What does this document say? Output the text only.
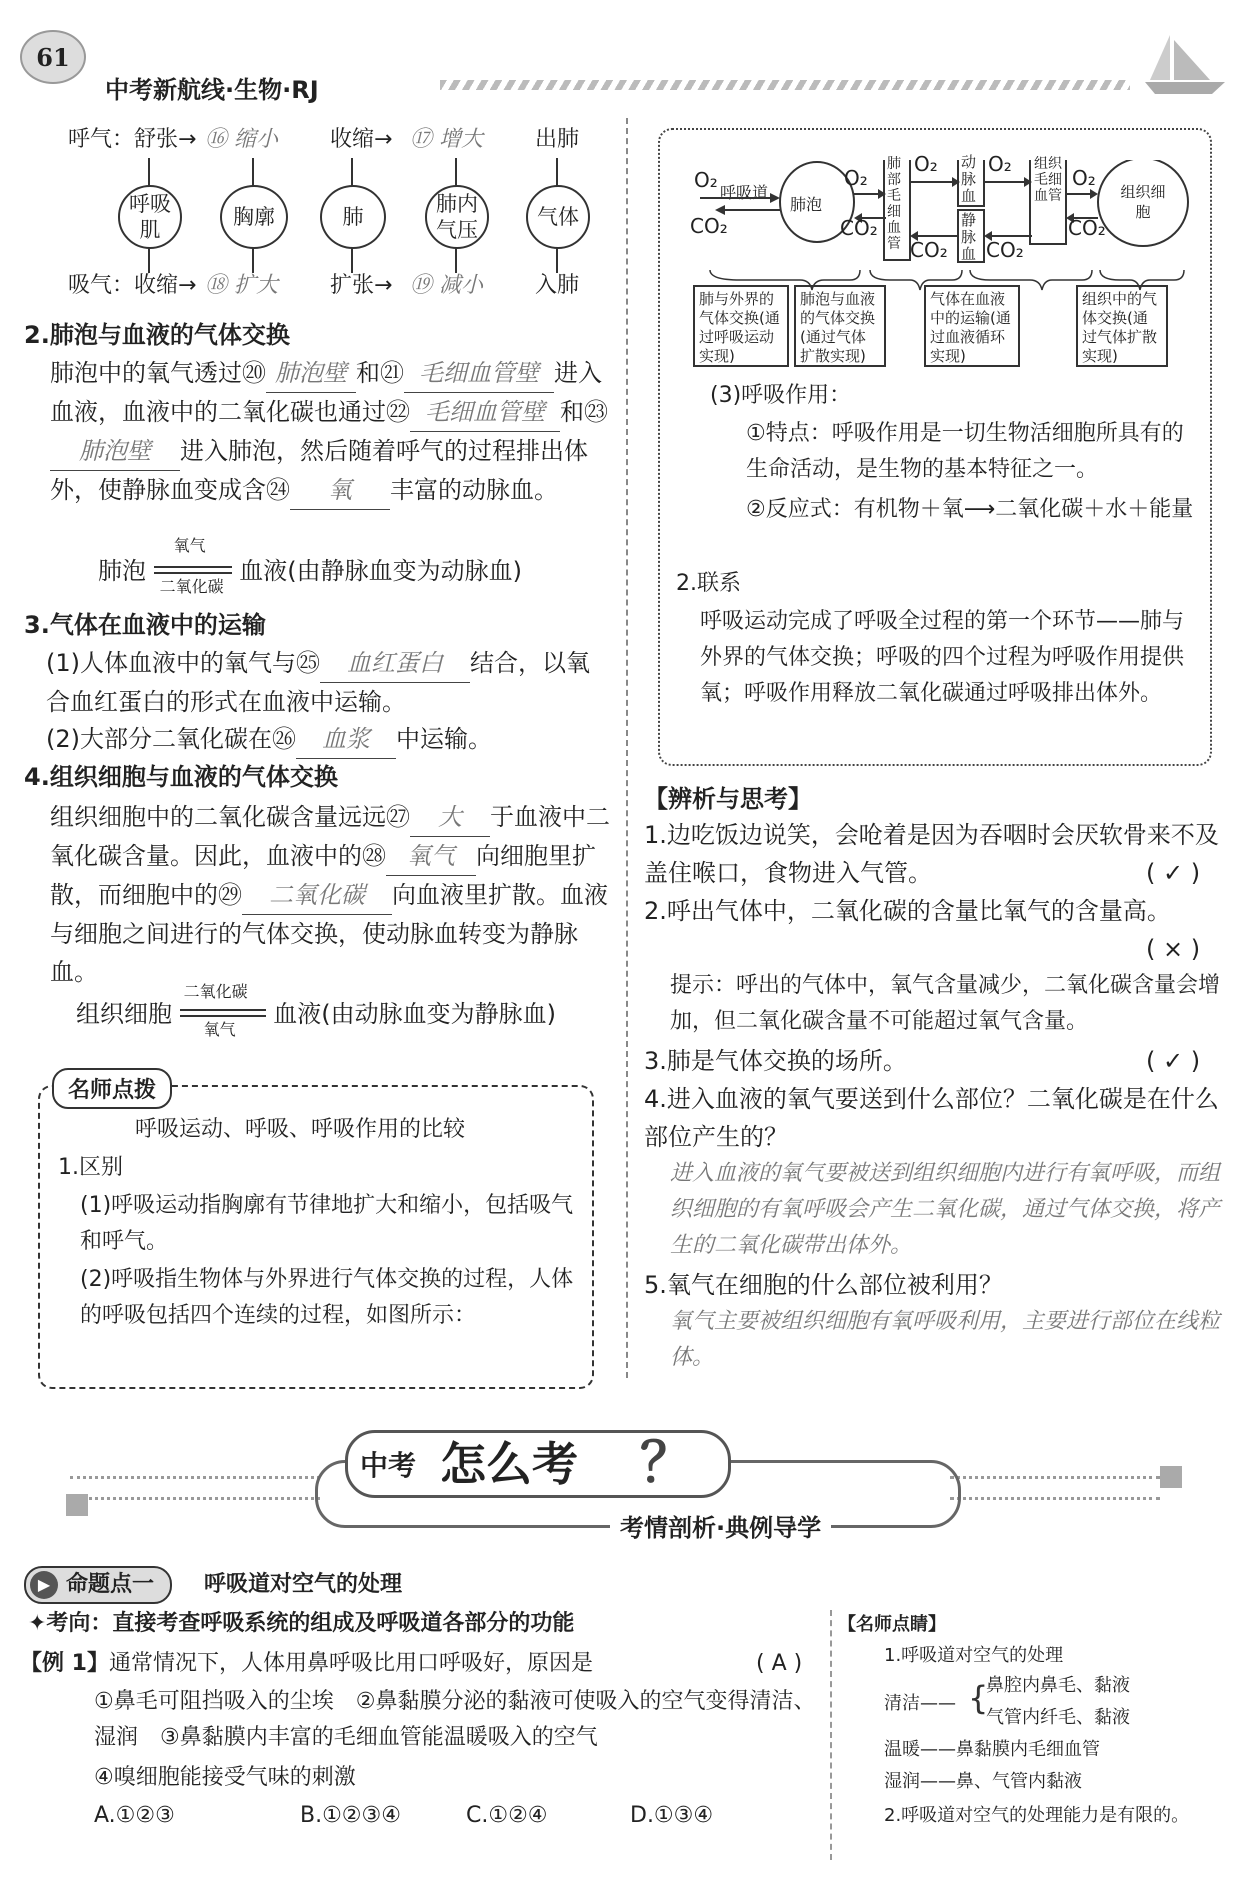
61
中考新航线·生物·RJ
呼气：舒张→ ⑯ 缩小 收缩→ ⑰ 增大 出肺
呼吸肌
胸廓	肺
肺内气压
气体
吸气：收缩→ ⑱ 扩大 扩张→ ⑲ 减小 入肺
2.肺泡与血液的气体交换
肺泡中的氧气透过⑳ 肺泡壁 和㉑ 毛细血管壁 进入血液，血液中的二氧化碳也通过㉒ 毛细血管壁 和㉓肺泡壁 进入肺泡，然后随着呼气的过程排出体外，使静脉血变成含㉔ 氧 丰富的动脉血。
肺泡
氧气
二氧化碳
血液(由静脉血变为动脉血)
3.气体在血液中的运输
(1)人体血液中的氧气与㉕ 血红蛋白 结合，以氧合血红蛋白的形式在血液中运输。
(2)大部分二氧化碳在㉖ 血浆 中运输。
4.组织细胞与血液的气体交换
组织细胞中的二氧化碳含量远远㉗ 大 于血液中二氧化碳含量。因此，血液中的㉘ 氧气 向细胞里扩散，而细胞中的㉙ 二氧化碳 向血液里扩散。血液与细胞之间进行的气体交换，使动脉血转变为静脉血。
组织细胞
二氧化碳
氧气
血液(由动脉血变为静脉血)
名师点拨
呼吸运动、呼吸、呼吸作用的比较
1.区别
(1)呼吸运动指胸廓有节律地扩大和缩小，包括吸气和呼气。
(2)呼吸指生物体与外界进行气体交换的过程，人体的呼吸包括四个连续的过程，如图所示：
O₂
CO₂
呼吸道
肺泡
O₂
CO₂
肺部毛细血管
O₂
CO₂
动脉血
静脉血
O₂
CO₂
组织毛细血管
O₂
CO₂
组织细胞
肺与外界的气体交换(通过呼吸运动实现)
肺泡与血液的气体交换(通过气体扩散实现)
气体在血液中的运输(通过血液循环实现)
组织中的气体交换(通过气体扩散实现)
(3)呼吸作用：
①特点：呼吸作用是一切生物活细胞所具有的生命活动，是生物的基本特征之一。
②反应式：有机物＋氧⟶二氧化碳＋水＋能量
2.联系
呼吸运动完成了呼吸全过程的第一个环节——肺与外界的气体交换；呼吸的四个过程为呼吸作用提供氧；呼吸作用释放二氧化碳通过呼吸排出体外。
【辨析与思考】
1.边吃饭边说笑，会呛着是因为吞咽时会厌软骨来不及盖住喉口，食物进入气管。	( ✓ )
2.呼出气体中，二氧化碳的含量比氧气的含量高。
( × )
提示：呼出的气体中，氧气含量减少，二氧化碳含量会增加，但二氧化碳含量不可能超过氧气含量。
3.肺是气体交换的场所。	( ✓ )
4.进入血液的氧气要送到什么部位？二氧化碳是在什么部位产生的？
进入血液的氧气要被送到组织细胞内进行有氧呼吸，而组织细胞的有氧呼吸会产生二氧化碳，通过气体交换，将产生的二氧化碳带出体外。
5.氧气在细胞的什么部位被利用？
氧气主要被组织细胞有氧呼吸利用，主要进行部位在线粒体。
中考 怎么考 ？
考情剖析·典例导学
▶ 命题点一	呼吸道对空气的处理
✦考向：直接考查呼吸系统的组成及呼吸道各部分的功能
【例 1】通常情况下，人体用鼻呼吸比用口呼吸好，原因是	( A )
①鼻毛可阻挡吸入的尘埃　②鼻黏膜分泌的黏液可使吸入的空气变得清洁、湿润　③鼻黏膜内丰富的毛细血管能温暖吸入的空气
④嗅细胞能接受气味的刺激
A.①②③	B.①②③④	C.①②④	D.①③④
【名师点睛】
1.呼吸道对空气的处理
清洁—— {
鼻腔内鼻毛、黏液
气管内纤毛、黏液
温暖——鼻黏膜内毛细血管
湿润——鼻、气管内黏液
2.呼吸道对空气的处理能力是有限的。
